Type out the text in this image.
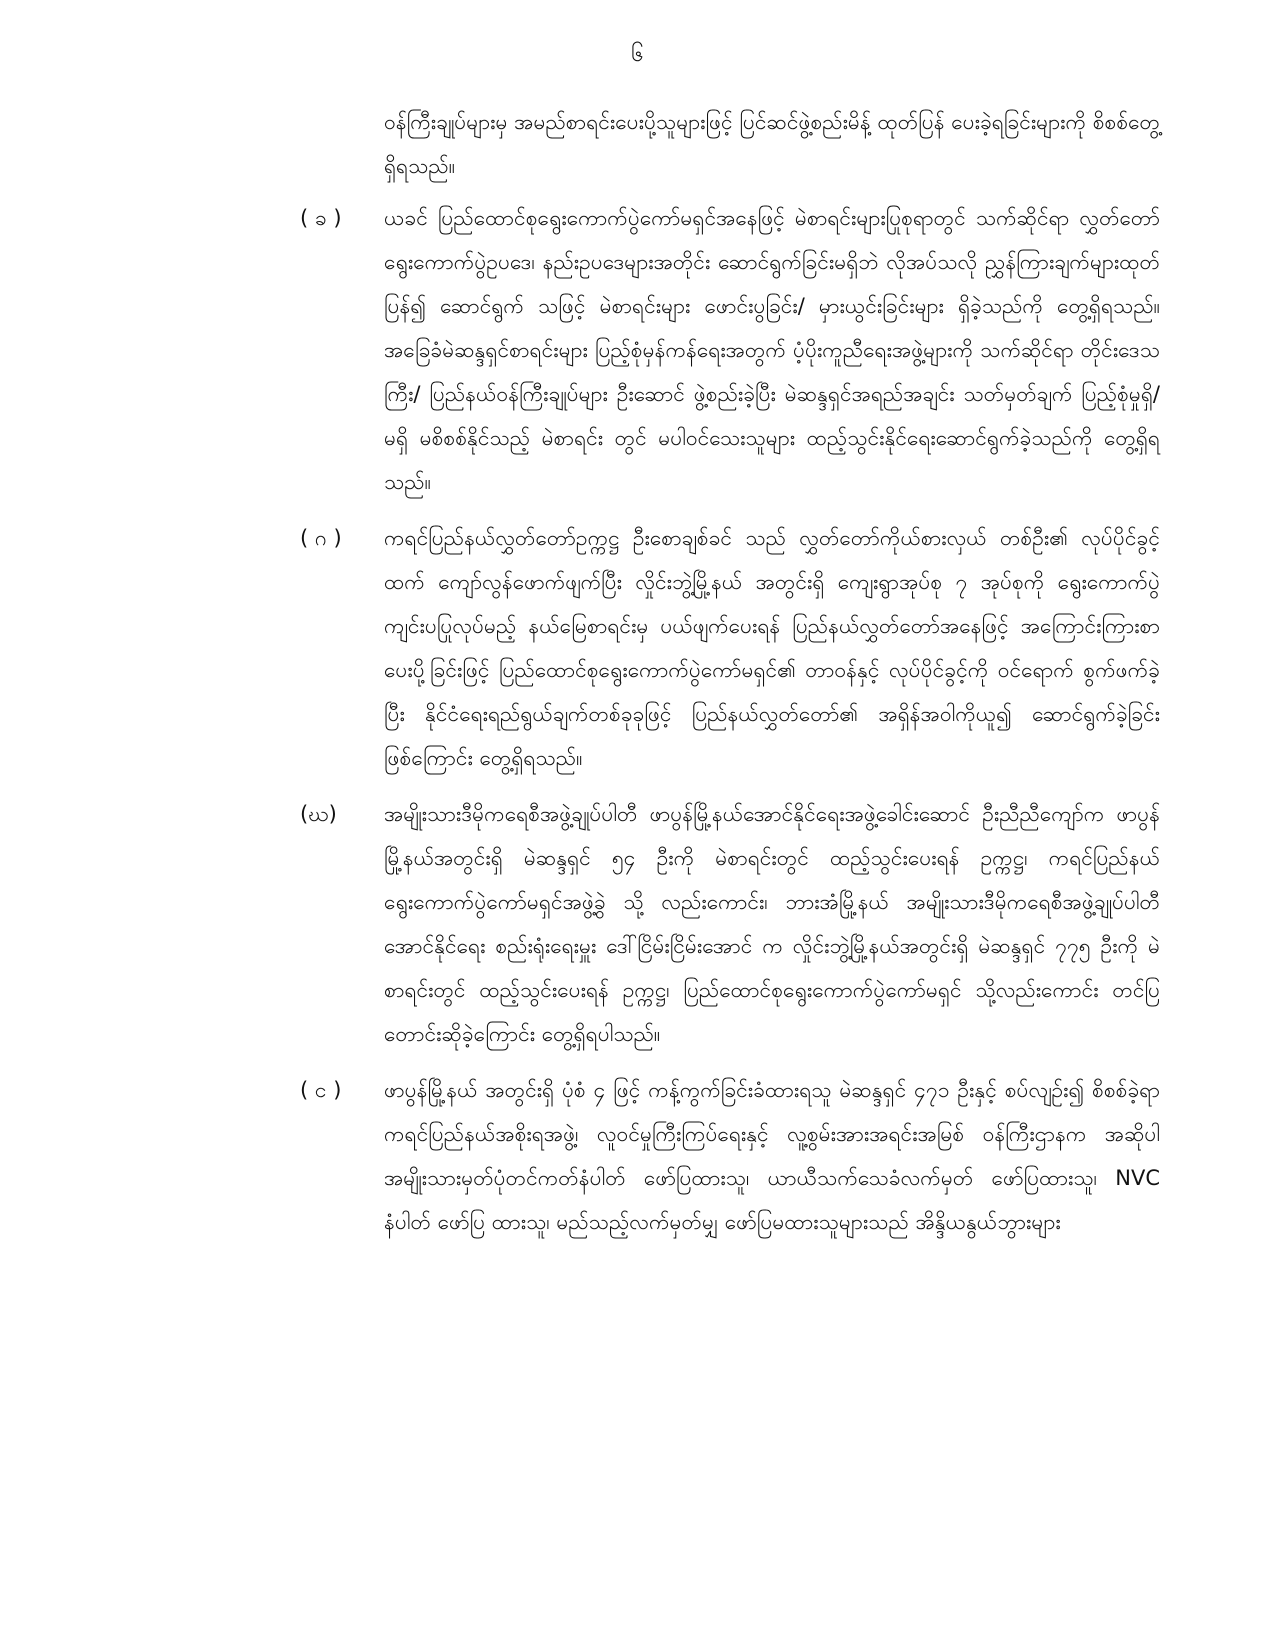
၆

ဝန်ကြီးချုပ်များမှ အမည်စာရင်းပေးပို့သူများဖြင့် ပြင်ဆင်ဖွဲ့စည်းမိန့် ထုတ်ပြန် ပေးခဲ့ရခြင်းများကို စိစစ်တွေ့ရှိရသည်။

( ခ )	ယခင် ပြည်ထောင်စုရွေးကောက်ပွဲကော်မရှင်အနေဖြင့် မဲစာရင်းများပြုစုရာတွင် သက်ဆိုင်ရာ လွှတ်တော်ရွေးကောက်ပွဲဥပဒေ၊ နည်းဥပဒေများအတိုင်း ဆောင်ရွက်ခြင်းမရှိဘဲ လိုအပ်သလို ညွှန်ကြားချက်များထုတ်ပြန်၍ ဆောင်ရွက် သဖြင့် မဲစာရင်းများ ဖောင်းပွခြင်း/ မှားယွင်းခြင်းများ ရှိခဲ့သည်ကို တွေ့ရှိရသည်။ အခြေခံမဲဆန္ဒရှင်စာရင်းများ ပြည့်စုံမှန်ကန်ရေးအတွက် ပံ့ပိုးကူညီရေးအဖွဲ့များကို သက်ဆိုင်ရာ တိုင်းဒေသကြီး/ ပြည်နယ်ဝန်ကြီးချုပ်များ ဦးဆောင် ဖွဲ့စည်းခဲ့ပြီး မဲဆန္ဒရှင်အရည်အချင်း သတ်မှတ်ချက် ပြည့်စုံမှုရှိ/ မရှိ မစိစစ်နိုင်သည့် မဲစာရင်း တွင် မပါဝင်သေးသူများ ထည့်သွင်းနိုင်ရေးဆောင်ရွက်ခဲ့သည်ကို တွေ့ရှိရသည်။

( ဂ )	ကရင်ပြည်နယ်လွှတ်တော်ဥက္ကဋ္ဌ ဦးစောချစ်ခင် သည် လွှတ်တော်ကိုယ်စားလှယ် တစ်ဦး၏ လုပ်ပိုင်ခွင့်ထက် ကျော်လွန်ဖောက်ဖျက်ပြီး လှိုင်းဘွဲ့မြို့နယ် အတွင်းရှိ ကျေးရွာအုပ်စု ၇ အုပ်စုကို ရွေးကောက်ပွဲကျင်းပပြုလုပ်မည့် နယ်မြေစာရင်းမှ ပယ်ဖျက်ပေးရန် ပြည်နယ်လွှတ်တော်အနေဖြင့် အကြောင်းကြားစာပေးပို့ခြင်းဖြင့် ပြည်ထောင်စုရွေးကောက်ပွဲကော်မရှင်၏ တာဝန်နှင့် လုပ်ပိုင်ခွင့်ကို ဝင်ရောက် စွက်ဖက်ခဲ့ပြီး နိုင်ငံရေးရည်ရွယ်ချက်တစ်ခုခုဖြင့် ပြည်နယ်လွှတ်တော်၏ အရှိန်အဝါကိုယူ၍ ဆောင်ရွက်ခဲ့ခြင်းဖြစ်ကြောင်း တွေ့ရှိရသည်။

(ဃ)	အမျိုးသားဒီမိုကရေစီအဖွဲ့ချုပ်ပါတီ ဖာပွန်မြို့နယ်အောင်နိုင်ရေးအဖွဲ့ခေါင်းဆောင် ဦးညီညီကျော်က ဖာပွန်မြို့နယ်အတွင်းရှိ မဲဆန္ဒရှင် ၅၄ ဦးကို မဲစာရင်းတွင် ထည့်သွင်းပေးရန် ဥက္ကဋ္ဌ၊ ကရင်ပြည်နယ်ရွေးကောက်ပွဲကော်မရှင်အဖွဲ့ခွဲ သို့ လည်းကောင်း၊ ဘားအံမြို့နယ် အမျိုးသားဒီမိုကရေစီအဖွဲ့ချုပ်ပါတီ အောင်နိုင်ရေး စည်းရုံးရေးမှူး ဒေါ်ငြိမ်းငြိမ်းအောင် က လှိုင်းဘွဲ့မြို့နယ်အတွင်းရှိ မဲဆန္ဒရှင် ၇၇၅ ဦးကို မဲစာရင်းတွင် ထည့်သွင်းပေးရန် ဥက္ကဋ္ဌ၊ ပြည်ထောင်စုရွေးကောက်ပွဲကော်မရှင် သို့လည်းကောင်း တင်ပြတောင်းဆိုခဲ့ကြောင်း တွေ့ရှိရပါသည်။

( င )	ဖာပွန်မြို့နယ် အတွင်းရှိ ပုံစံ ၄ ဖြင့် ကန့်ကွက်ခြင်းခံထားရသူ မဲဆန္ဒရှင် ၄၇၁ ဦးနှင့် စပ်လျဉ်း၍ စိစစ်ခဲ့ရာ ကရင်ပြည်နယ်အစိုးရအဖွဲ့၊ လူဝင်မှုကြီးကြပ်ရေးနှင့် လူ့စွမ်းအားအရင်းအမြစ် ဝန်ကြီးဌာနက အဆိုပါ အမျိုးသားမှတ်ပုံတင်ကတ်နံပါတ် ဖော်ပြထားသူ၊ ယာယီသက်သေခံလက်မှတ် ဖော်ပြထားသူ၊ NVC နံပါတ် ဖော်ပြ ထားသူ၊ မည်သည့်လက်မှတ်မျှ ဖော်ပြမထားသူများသည် အိန္ဒိယနွယ်ဘွားများ
